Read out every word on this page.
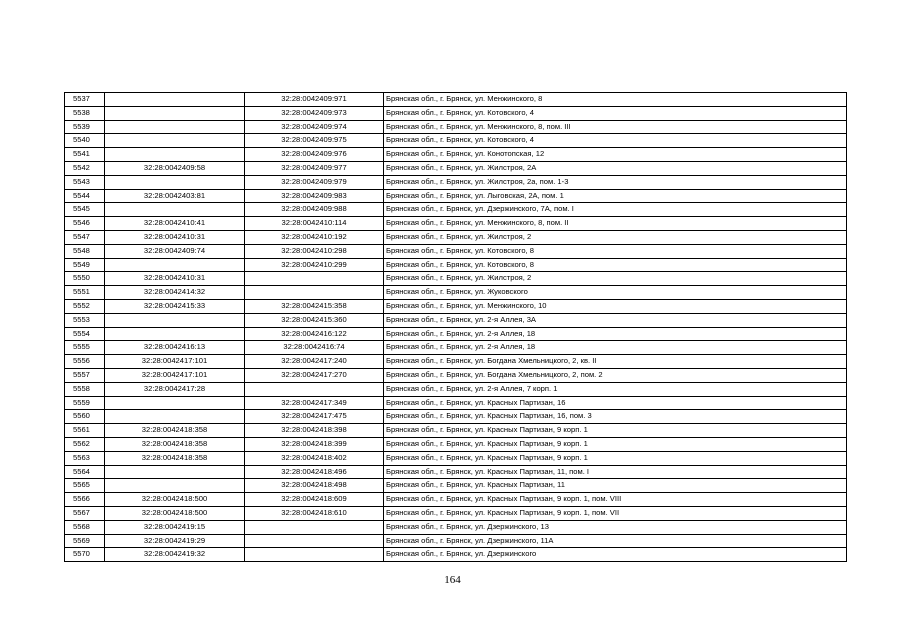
5537		32:28:0042409:971	Брянская обл., г. Брянск, ул. Менжинского, 8
5538		32:28:0042409:973	Брянская обл., г. Брянск, ул. Котовского, 4
5539		32:28:0042409:974	Брянская обл., г. Брянск, ул. Менжинского, 8, пом. III
5540		32:28:0042409:975	Брянская обл., г. Брянск, ул. Котовского, 4
5541		32:28:0042409:976	Брянская обл., г. Брянск, ул. Конотопская, 12
5542	32:28:0042409:58	32:28:0042409:977	Брянская обл., г. Брянск, ул. Жилстроя, 2А
5543		32:28:0042409:979	Брянская обл., г. Брянск, ул. Жилстроя, 2а, пом. 1-3
5544	32:28:0042403:81	32:28:0042409:983	Брянская обл., г. Брянск, ул. Лыговская, 2А, пом. 1
5545		32:28:0042409:988	Брянская обл., г. Брянск, ул. Дзержинского, 7А, пом. I
5546	32:28:0042410:41	32:28:0042410:114	Брянская обл., г. Брянск, ул. Менжинского, 8, пом. II
5547	32:28:0042410:31	32:28:0042410:192	Брянская обл., г. Брянск, ул. Жилстроя, 2
5548	32:28:0042409:74	32:28:0042410:298	Брянская обл., г. Брянск, ул. Котовского, 8
5549		32:28:0042410:299	Брянская обл., г. Брянск, ул. Котовского, 8
5550	32:28:0042410:31		Брянская обл., г. Брянск, ул. Жилстроя, 2
5551	32:28:0042414:32		Брянская обл., г. Брянск, ул. Жуковского
5552	32:28:0042415:33	32:28:0042415:358	Брянская обл., г. Брянск, ул. Менжинского, 10
5553		32:28:0042415:360	Брянская обл., г. Брянск, ул. 2-я Аллея, 3А
5554		32:28:0042416:122	Брянская обл., г. Брянск, ул. 2-я Аллея, 18
5555	32:28:0042416:13	32:28:0042416:74	Брянская обл., г. Брянск, ул. 2-я Аллея, 18
5556	32:28:0042417:101	32:28:0042417:240	Брянская обл., г. Брянск, ул. Богдана Хмельницкого, 2, кв. II
5557	32:28:0042417:101	32:28:0042417:270	Брянская обл., г. Брянск, ул. Богдана Хмельницкого, 2, пом. 2
5558	32:28:0042417:28		Брянская обл., г. Брянск, ул. 2-я Аллея, 7 корп. 1
5559		32:28:0042417:349	Брянская обл., г. Брянск, ул. Красных Партизан, 16
5560		32:28:0042417:475	Брянская обл., г. Брянск, ул. Красных Партизан, 16, пом. 3
5561	32:28:0042418:358	32:28:0042418:398	Брянская обл., г. Брянск, ул. Красных Партизан, 9 корп. 1
5562	32:28:0042418:358	32:28:0042418:399	Брянская обл., г. Брянск, ул. Красных Партизан, 9 корп. 1
5563	32:28:0042418:358	32:28:0042418:402	Брянская обл., г. Брянск, ул. Красных Партизан, 9 корп. 1
5564		32:28:0042418:496	Брянская обл., г. Брянск, ул. Красных Партизан, 11, пом. I
5565		32:28:0042418:498	Брянская обл., г. Брянск, ул. Красных Партизан, 11
5566	32:28:0042418:500	32:28:0042418:609	Брянская обл., г. Брянск, ул. Красных Партизан, 9 корп. 1, пом. VIII
5567	32:28:0042418:500	32:28:0042418:610	Брянская обл., г. Брянск, ул. Красных Партизан, 9 корп. 1, пом. VII
5568	32:28:0042419:15		Брянская обл., г. Брянск, ул. Дзержинского, 13
5569	32:28:0042419:29		Брянская обл., г. Брянск, ул. Дзержинского, 11А
5570	32:28:0042419:32		Брянская обл., г. Брянск, ул. Дзержинского
164
